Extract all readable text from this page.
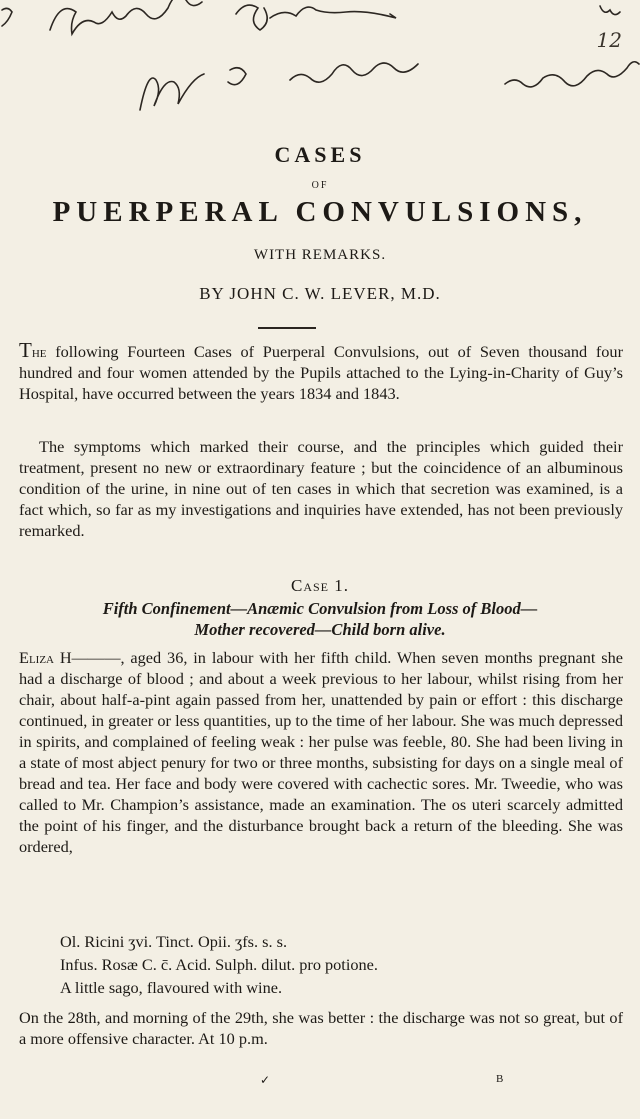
12
CASES
OF
PUERPERAL CONVULSIONS,
WITH REMARKS.
BY JOHN C. W. LEVER, M.D.
The following Fourteen Cases of Puerperal Convulsions, out of Seven thousand four hundred and four women attended by the Pupils attached to the Lying-in-Charity of Guy’s Hospital, have occurred between the years 1834 and 1843.
The symptoms which marked their course, and the principles which guided their treatment, present no new or extraordinary feature ; but the coincidence of an albuminous condition of the urine, in nine out of ten cases in which that secretion was examined, is a fact which, so far as my investigations and inquiries have extended, has not been previously remarked.
Case 1.
Fifth Confinement—Anæmic Convulsion from Loss of Blood—
Mother recovered—Child born alive.
Eliza H———, aged 36, in labour with her fifth child. When seven months pregnant she had a discharge of blood ; and about a week previous to her labour, whilst rising from her chair, about half-a-pint again passed from her, unattended by pain or effort : this discharge continued, in greater or less quantities, up to the time of her labour. She was much depressed in spirits, and complained of feeling weak : her pulse was feeble, 80. She had been living in a state of most abject penury for two or three months, subsisting for days on a single meal of bread and tea. Her face and body were covered with cachectic sores. Mr. Tweedie, who was called to Mr. Champion’s assistance, made an examination. The os uteri scarcely admitted the point of his finger, and the disturbance brought back a return of the bleeding. She was ordered,
Ol. Ricini ʒvi. Tinct. Opii. ʒfs. s. s.
Infus. Rosæ C. c̄. Acid. Sulph. dilut. pro potione.
A little sago, flavoured with wine.
On the 28th, and morning of the 29th, she was better : the discharge was not so great, but of a more offensive character. At 10 p.m.
✓	B
